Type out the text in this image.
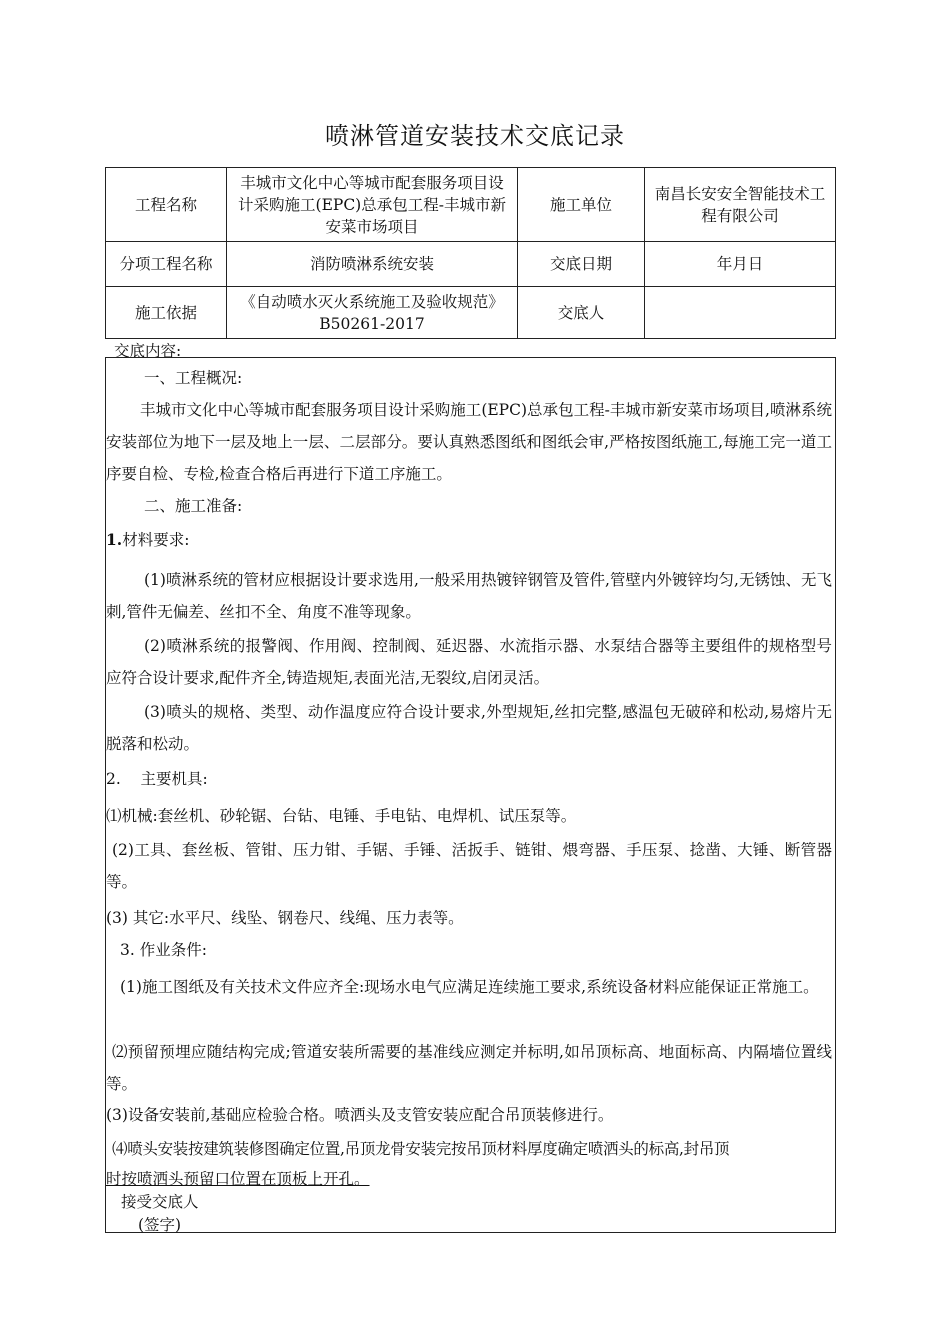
喷淋管道安装技术交底记录
工程名称	丰城市文化中心等城市配套服务项目设计采购施工(EPC)总承包工程-丰城市新安菜市场项目	施工单位	南昌长安安全智能技术工程有限公司
分项工程名称	消防喷淋系统安装	交底日期	年月日
施工依据	《自动喷水灭火系统施工及验收规范》B50261-2017	交底人	
交底内容:
一、工程概况:
丰城市文化中心等城市配套服务项目设计采购施工(EPC)总承包工程-丰城市新安菜市场项目,喷淋系统安装部位为地下一层及地上一层、二层部分。要认真熟悉图纸和图纸会审,严格按图纸施工,每施工完一道工序要自检、专检,检查合格后再进行下道工序施工。
二、施工准备:
1.材料要求:
(1)喷淋系统的管材应根据设计要求选用,一般采用热镀锌钢管及管件,管壁内外镀锌均匀,无锈蚀、无飞刺,管件无偏差、丝扣不全、角度不准等现象。
(2)喷淋系统的报警阀、作用阀、控制阀、延迟器、水流指示器、水泵结合器等主要组件的规格型号应符合设计要求,配件齐全,铸造规矩,表面光洁,无裂纹,启闭灵活。
(3)喷头的规格、类型、动作温度应符合设计要求,外型规矩,丝扣完整,感温包无破碎和松动,易熔片无脱落和松动。
2.    主要机具:
⑴机械:套丝机、砂轮锯、台钻、电锤、手电钻、电焊机、试压泵等。
(2)工具、套丝板、管钳、压力钳、手锯、手锤、活扳手、链钳、煨弯器、手压泵、捻凿、大锤、断管器等。
(3) 其它:水平尺、线坠、钢卷尺、线绳、压力表等。
3. 作业条件:
(1)施工图纸及有关技术文件应齐全:现场水电气应满足连续施工要求,系统设备材料应能保证正常施工。
⑵预留预埋应随结构完成;管道安装所需要的基准线应测定并标明,如吊顶标高、地面标高、内隔墙位置线等。
(3)设备安装前,基础应检验合格。喷洒头及支管安装应配合吊顶装修进行。
⑷喷头安装按建筑装修图确定位置,吊顶龙骨安装完按吊顶材料厚度确定喷洒头的标高,封吊顶
时按喷洒头预留口位置在顶板上开孔。
接受交底人
(签字)
